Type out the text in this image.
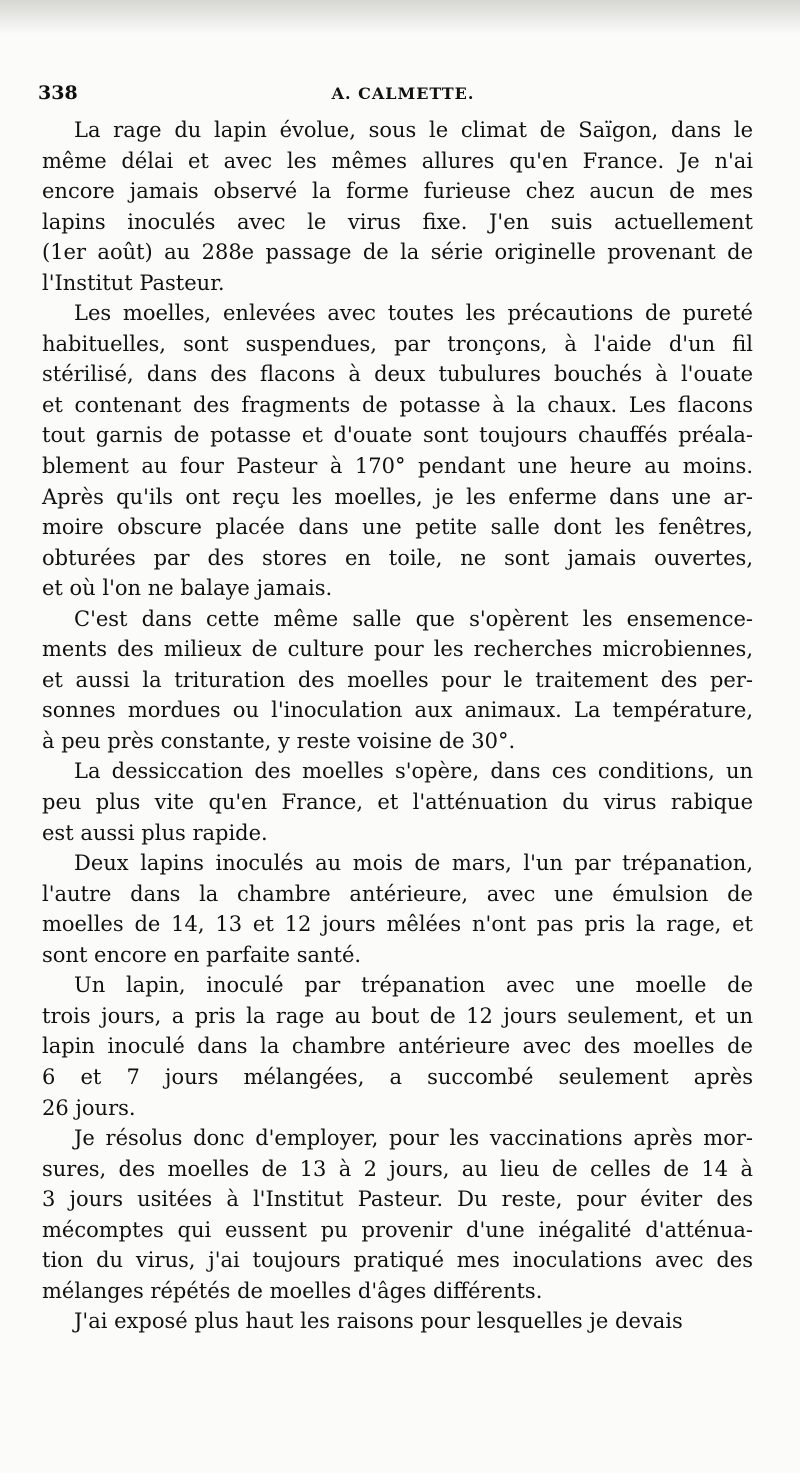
338	A. CALMETTE.
La rage du lapin évolue, sous le climat de Saïgon, dans le
même délai et avec les mêmes allures qu'en France. Je n'ai
encore jamais observé la forme furieuse chez aucun de mes
lapins inoculés avec le virus fixe. J'en suis actuellement
(1er août) au 288e passage de la série originelle provenant de
l'Institut Pasteur.
Les moelles, enlevées avec toutes les précautions de pureté
habituelles, sont suspendues, par tronçons, à l'aide d'un fil
stérilisé, dans des flacons à deux tubulures bouchés à l'ouate
et contenant des fragments de potasse à la chaux. Les flacons
tout garnis de potasse et d'ouate sont toujours chauffés préala-
blement au four Pasteur à 170° pendant une heure au moins.
Après qu'ils ont reçu les moelles, je les enferme dans une ar-
moire obscure placée dans une petite salle dont les fenêtres,
obturées par des stores en toile, ne sont jamais ouvertes,
et où l'on ne balaye jamais.
C'est dans cette même salle que s'opèrent les ensemence-
ments des milieux de culture pour les recherches microbiennes,
et aussi la trituration des moelles pour le traitement des per-
sonnes mordues ou l'inoculation aux animaux. La température,
à peu près constante, y reste voisine de 30°.
La dessiccation des moelles s'opère, dans ces conditions, un
peu plus vite qu'en France, et l'atténuation du virus rabique
est aussi plus rapide.
Deux lapins inoculés au mois de mars, l'un par trépanation,
l'autre dans la chambre antérieure, avec une émulsion de
moelles de 14, 13 et 12 jours mêlées n'ont pas pris la rage, et
sont encore en parfaite santé.
Un lapin, inoculé par trépanation avec une moelle de
trois jours, a pris la rage au bout de 12 jours seulement, et un
lapin inoculé dans la chambre antérieure avec des moelles de
6 et 7 jours mélangées, a succombé seulement après
26 jours.
Je résolus donc d'employer, pour les vaccinations après mor-
sures, des moelles de 13 à 2 jours, au lieu de celles de 14 à
3 jours usitées à l'Institut Pasteur. Du reste, pour éviter des
mécomptes qui eussent pu provenir d'une inégalité d'atténua-
tion du virus, j'ai toujours pratiqué mes inoculations avec des
mélanges répétés de moelles d'âges différents.
J'ai exposé plus haut les raisons pour lesquelles je devais
